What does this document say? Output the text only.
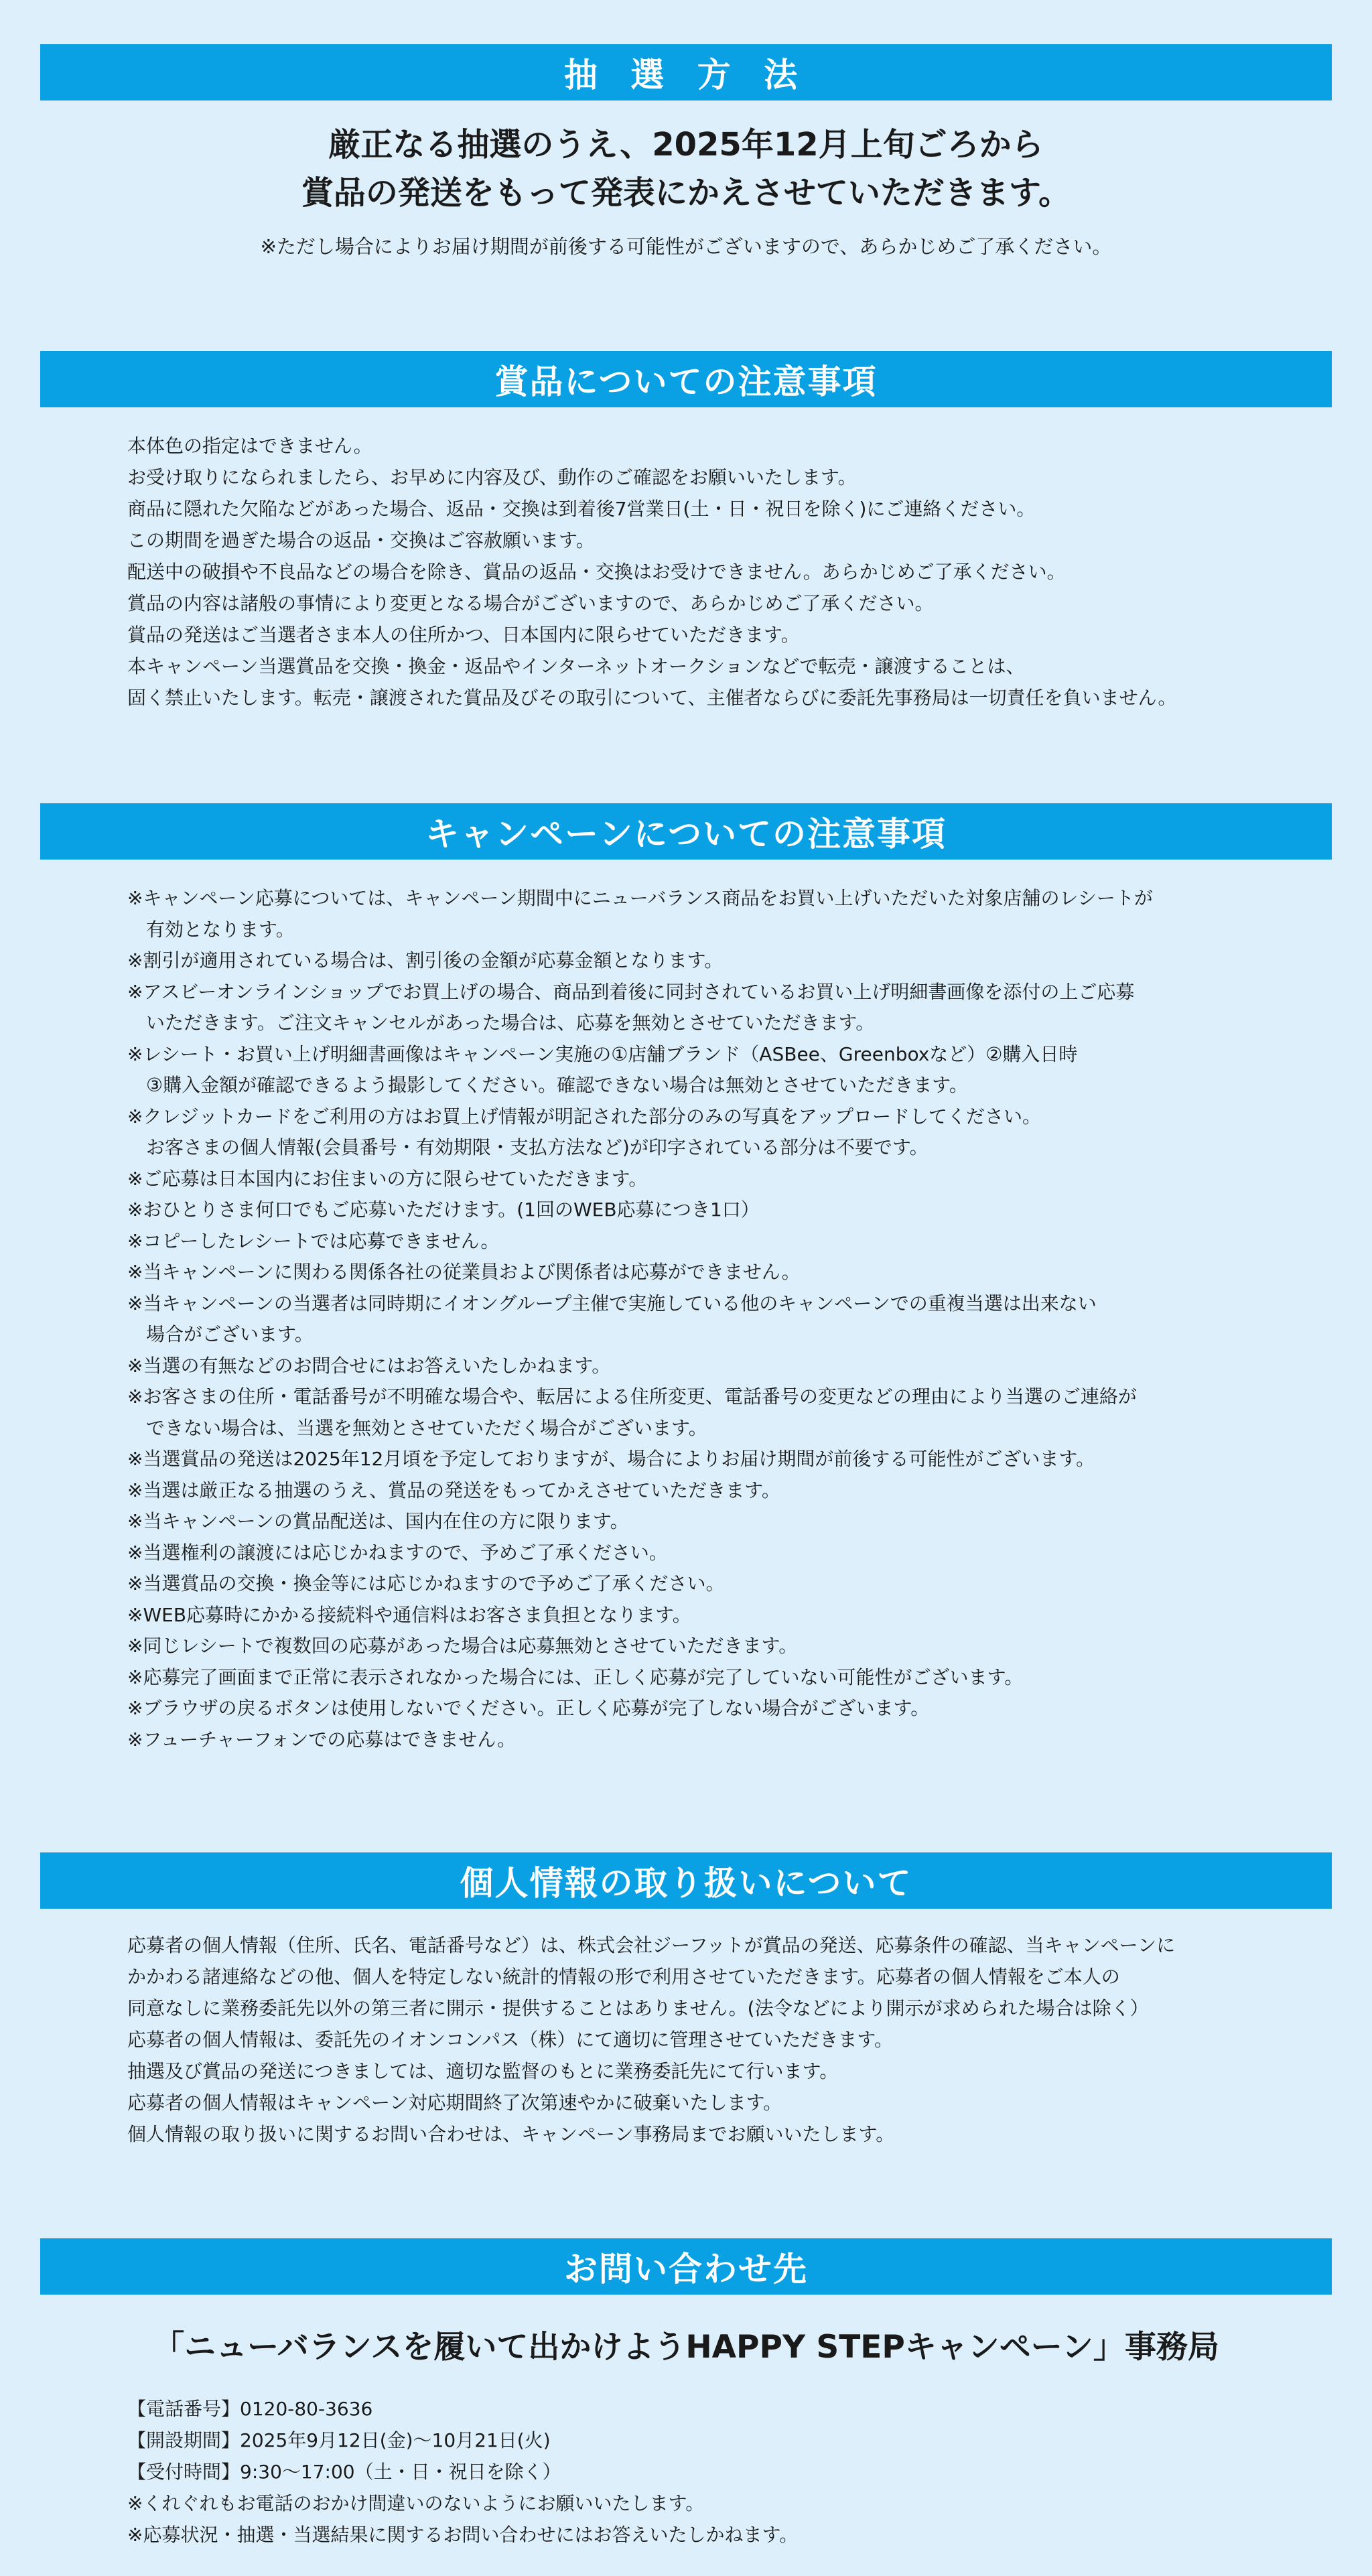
抽 選 方 法
厳正なる抽選のうえ、2025年12月上旬ごろから
賞品の発送をもって発表にかえさせていただきます。
※ただし場合によりお届け期間が前後する可能性がございますので、あらかじめご了承ください。
賞品についての注意事項
本体色の指定はできません。
お受け取りになられましたら、お早めに内容及び、動作のご確認をお願いいたします。
商品に隠れた欠陥などがあった場合、返品・交換は到着後7営業日(土・日・祝日を除く)にご連絡ください。
この期間を過ぎた場合の返品・交換はご容赦願います。
配送中の破損や不良品などの場合を除き、賞品の返品・交換はお受けできません。あらかじめご了承ください。
賞品の内容は諸般の事情により変更となる場合がございますので、あらかじめご了承ください。
賞品の発送はご当選者さま本人の住所かつ、日本国内に限らせていただきます。
本キャンペーン当選賞品を交換・換金・返品やインターネットオークションなどで転売・譲渡することは、
固く禁止いたします。転売・譲渡された賞品及びその取引について、主催者ならびに委託先事務局は一切責任を負いません。
キャンペーンについての注意事項
※キャンペーン応募については、キャンペーン期間中にニューバランス商品をお買い上げいただいた対象店舗のレシートが
　有効となります。
※割引が適用されている場合は、割引後の金額が応募金額となります。
※アスビーオンラインショップでお買上げの場合、商品到着後に同封されているお買い上げ明細書画像を添付の上ご応募
　いただきます。ご注文キャンセルがあった場合は、応募を無効とさせていただきます。
※レシート・お買い上げ明細書画像はキャンペーン実施の①店舗ブランド（ASBee、Greenboxなど）②購入日時
　③購入金額が確認できるよう撮影してください。確認できない場合は無効とさせていただきます。
※クレジットカードをご利用の方はお買上げ情報が明記された部分のみの写真をアップロードしてください。
　お客さまの個人情報(会員番号・有効期限・支払方法など)が印字されている部分は不要です。
※ご応募は日本国内にお住まいの方に限らせていただきます。
※おひとりさま何口でもご応募いただけます。(1回のWEB応募につき1口）
※コピーしたレシートでは応募できません。
※当キャンペーンに関わる関係各社の従業員および関係者は応募ができません。
※当キャンペーンの当選者は同時期にイオングループ主催で実施している他のキャンペーンでの重複当選は出来ない
　場合がございます。
※当選の有無などのお問合せにはお答えいたしかねます。
※お客さまの住所・電話番号が不明確な場合や、転居による住所変更、電話番号の変更などの理由により当選のご連絡が
　できない場合は、当選を無効とさせていただく場合がございます。
※当選賞品の発送は2025年12月頃を予定しておりますが、場合によりお届け期間が前後する可能性がございます。
※当選は厳正なる抽選のうえ、賞品の発送をもってかえさせていただきます。
※当キャンペーンの賞品配送は、国内在住の方に限ります。
※当選権利の譲渡には応じかねますので、予めご了承ください。
※当選賞品の交換・換金等には応じかねますので予めご了承ください。
※WEB応募時にかかる接続料や通信料はお客さま負担となります。
※同じレシートで複数回の応募があった場合は応募無効とさせていただきます。
※応募完了画面まで正常に表示されなかった場合には、正しく応募が完了していない可能性がございます。
※ブラウザの戻るボタンは使用しないでください。正しく応募が完了しない場合がございます。
※フューチャーフォンでの応募はできません。
個人情報の取り扱いについて
応募者の個人情報（住所、氏名、電話番号など）は、株式会社ジーフットが賞品の発送、応募条件の確認、当キャンペーンに
かかわる諸連絡などの他、個人を特定しない統計的情報の形で利用させていただきます。応募者の個人情報をご本人の
同意なしに業務委託先以外の第三者に開示・提供することはありません。(法令などにより開示が求められた場合は除く）
応募者の個人情報は、委託先のイオンコンパス（株）にて適切に管理させていただきます。
抽選及び賞品の発送につきましては、適切な監督のもとに業務委託先にて行います。
応募者の個人情報はキャンペーン対応期間終了次第速やかに破棄いたします。
個人情報の取り扱いに関するお問い合わせは、キャンペーン事務局までお願いいたします。
お問い合わせ先
「ニューバランスを履いて出かけようHAPPY STEPキャンペーン」事務局
【電話番号】0120-80-3636
【開設期間】2025年9月12日(金)～10月21日(火)
【受付時間】9:30～17:00（土・日・祝日を除く）
※くれぐれもお電話のおかけ間違いのないようにお願いいたします。
※応募状況・抽選・当選結果に関するお問い合わせにはお答えいたしかねます。
